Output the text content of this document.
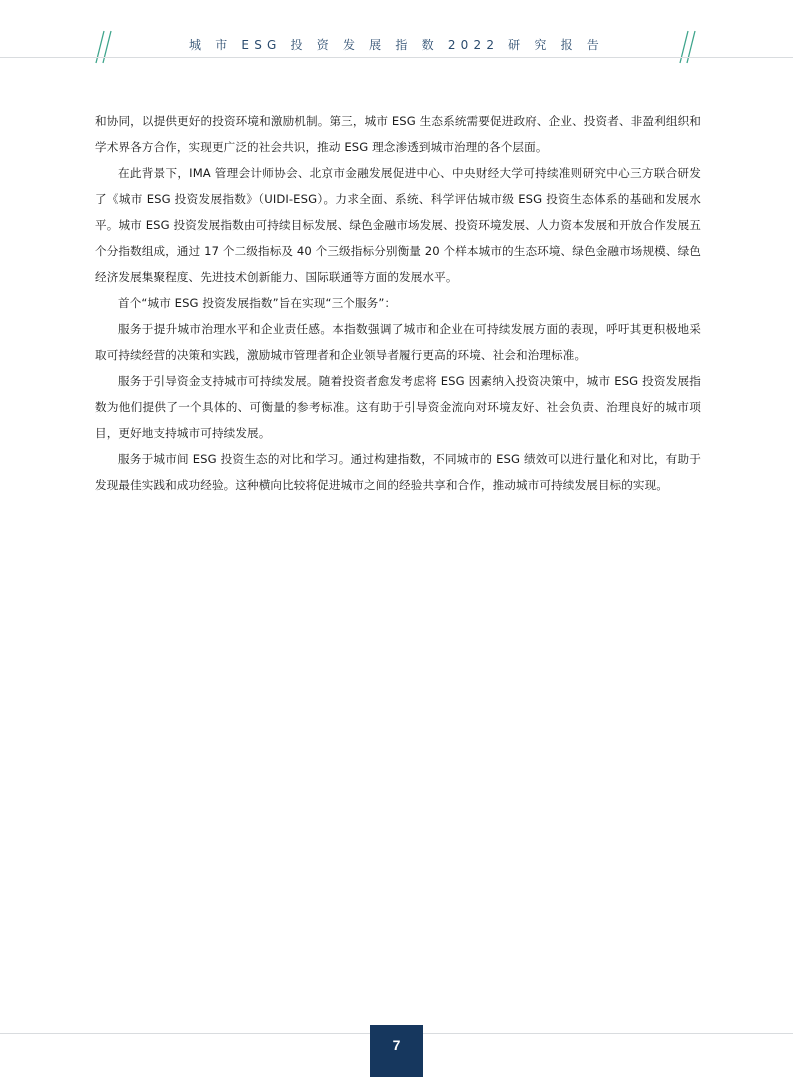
城 市 ESG 投 资 发 展 指 数 2022 研 究 报 告

和协同，以提供更好的投资环境和激励机制。第三，城市 ESG 生态系统需要促进政府、企业、投资者、非盈利组织和学术界各方合作，实现更广泛的社会共识，推动 ESG 理念渗透到城市治理的各个层面。

在此背景下，IMA 管理会计师协会、北京市金融发展促进中心、中央财经大学可持续准则研究中心三方联合研发了《城市 ESG 投资发展指数》（UIDI-ESG）。力求全面、系统、科学评估城市级 ESG 投资生态体系的基础和发展水平。城市 ESG 投资发展指数由可持续目标发展、绿色金融市场发展、投资环境发展、人力资本发展和开放合作发展五个分指数组成，通过 17 个二级指标及 40 个三级指标分别衡量 20 个样本城市的生态环境、绿色金融市场规模、绿色经济发展集聚程度、先进技术创新能力、国际联通等方面的发展水平。

首个“城市 ESG 投资发展指数”旨在实现“三个服务”：

服务于提升城市治理水平和企业责任感。本指数强调了城市和企业在可持续发展方面的表现，呼吁其更积极地采取可持续经营的决策和实践，激励城市管理者和企业领导者履行更高的环境、社会和治理标准。

服务于引导资金支持城市可持续发展。随着投资者愈发考虑将 ESG 因素纳入投资决策中，城市 ESG 投资发展指数为他们提供了一个具体的、可衡量的参考标准。这有助于引导资金流向对环境友好、社会负责、治理良好的城市项目，更好地支持城市可持续发展。

服务于城市间 ESG 投资生态的对比和学习。通过构建指数，不同城市的 ESG 绩效可以进行量化和对比，有助于发现最佳实践和成功经验。这种横向比较将促进城市之间的经验共享和合作，推动城市可持续发展目标的实现。

7
